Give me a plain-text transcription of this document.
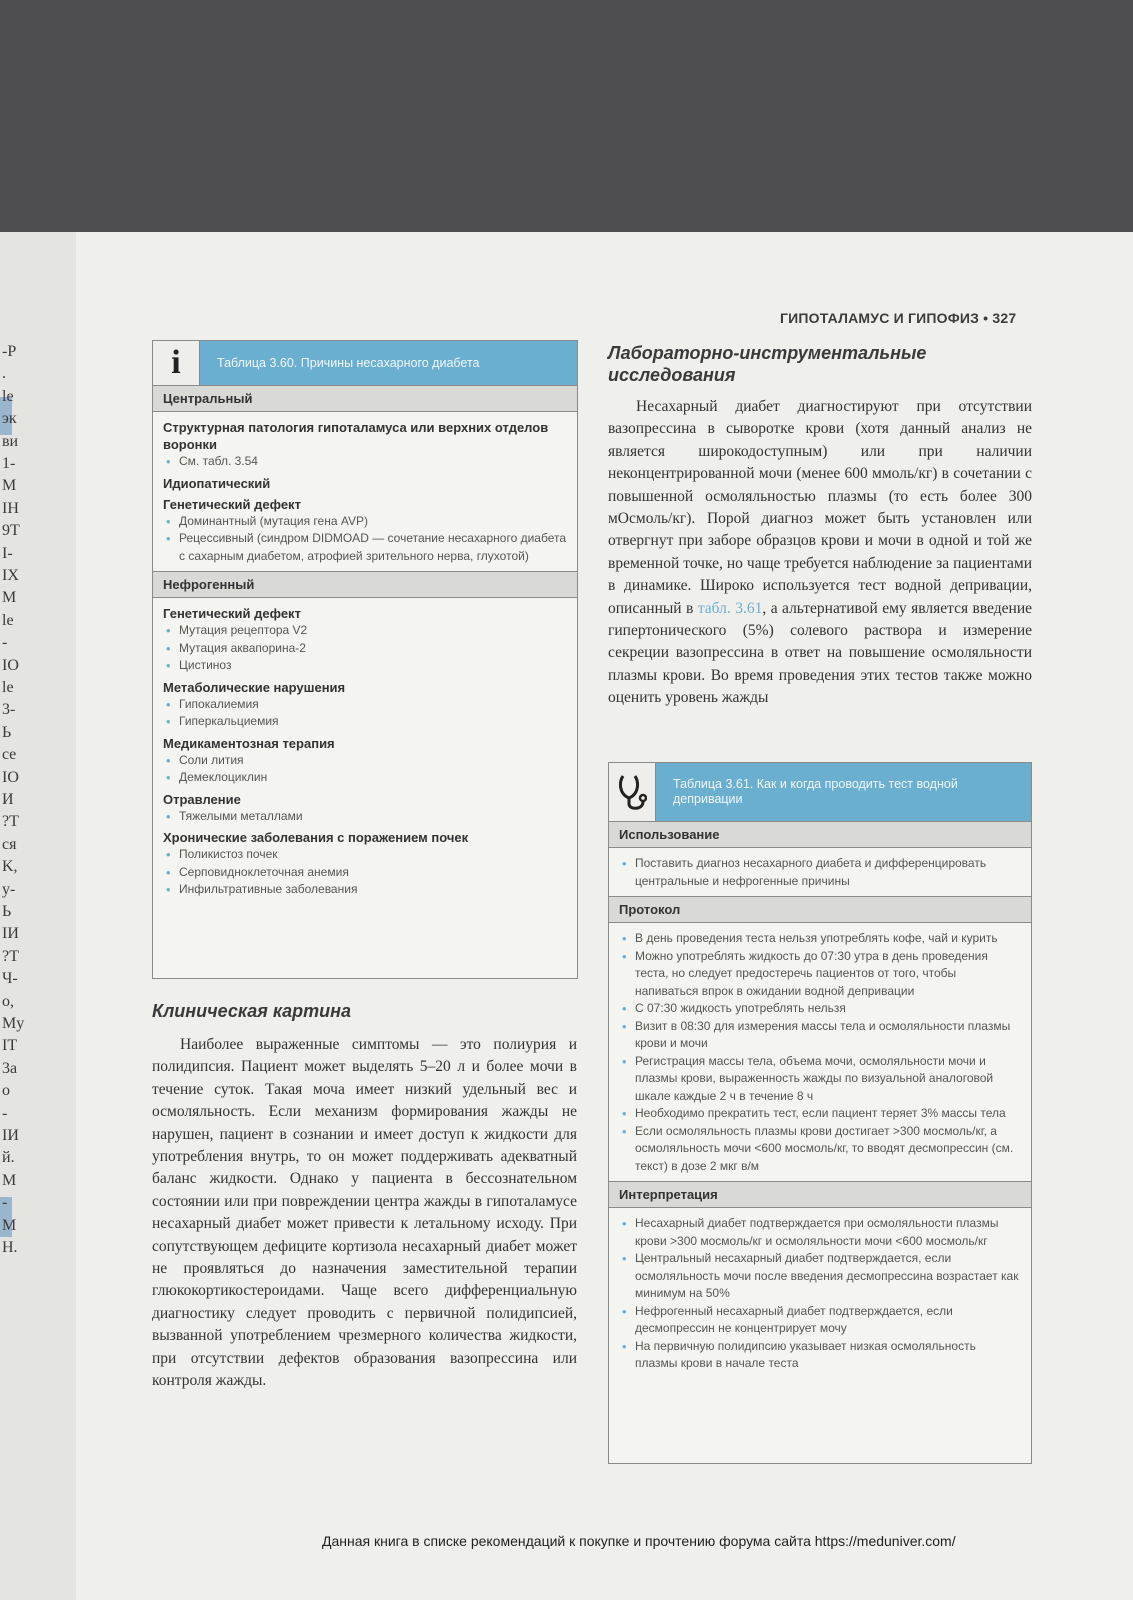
-P
.
le
эк
ви
1-
M
IH
9T
I-
IX
M
le
-
IO
le
3-
Ь
ce
IO
И
?T
ся
K,
y-
Ь
IИ
?T
Ч-
o,
My
IT
3a
o
-
IИ
й.
M
-
M
H.
ГИПОТАЛАМУС И ГИПОФИЗ • 327
i	Таблица 3.60. Причины несахарного диабета
Центральный
Структурная патология гипоталамуса или верхних отделов воронки
• См. табл. 3.54
Идиопатический
Генетический дефект
• Доминантный (мутация гена AVP)
• Рецессивный (синдром DIDMOAD — сочетание несахарного диабета с сахарным диабетом, атрофией зрительного нерва, глухотой)
Нефрогенный
Генетический дефект
• Мутация рецептора V2
• Мутация аквапорина-2
• Цистиноз
Метаболические нарушения
• Гипокалиемия
• Гиперкальциемия
Медикаментозная терапия
• Соли лития
• Демеклоциклин
Отравление
• Тяжелыми металлами
Хронические заболевания с поражением почек
• Поликистоз почек
• Серповидноклеточная анемия
• Инфильтративные заболевания
Клиническая картина

Наиболее выраженные симптомы — это полиурия и полидипсия. Пациент может выделять 5–20 л и более мочи в течение суток. Такая моча имеет низкий удельный вес и осмоляльность. Если механизм формирования жажды не нарушен, пациент в сознании и имеет доступ к жидкости для употребления внутрь, то он может поддерживать адекватный баланс жидкости. Однако у пациента в бессознательном состоянии или при повреждении центра жажды в гипоталамусе несахарный диабет может привести к летальному исходу. При сопутствующем дефиците кортизола несахарный диабет может не проявляться до назначения заместительной терапии глюкокортикостероидами. Чаще всего дифференциальную диагностику следует проводить с первичной полидипсией, вызванной употреблением чрезмерного количества жидкости, при отсутствии дефектов образования вазопрессина или контроля жажды.

Лабораторно-инструментальные исследования

Несахарный диабет диагностируют при отсутствии вазопрессина в сыворотке крови (хотя данный анализ не является широкодоступным) или при наличии неконцентрированной мочи (менее 600 ммоль/кг) в сочетании с повышенной осмоляльностью плазмы (то есть более 300 мОсмоль/кг). Порой диагноз может быть установлен или отвергнут при заборе образцов крови и мочи в одной и той же временной точке, но чаще требуется наблюдение за пациентами в динамике. Широко используется тест водной депривации, описанный в табл. 3.61, а альтернативой ему является введение гипертонического (5%) солевого раствора и измерение секреции вазопрессина в ответ на повышение осмоляльности плазмы крови. Во время проведения этих тестов также можно оценить уровень жажды

Таблица 3.61. Как и когда проводить тест водной депривации
Использование
• Поставить диагноз несахарного диабета и дифференцировать центральные и нефрогенные причины
Протокол
• В день проведения теста нельзя употреблять кофе, чай и курить
• Можно употреблять жидкость до 07:30 утра в день проведения теста, но следует предостеречь пациентов от того, чтобы напиваться впрок в ожидании водной депривации
• С 07:30 жидкость употреблять нельзя
• Визит в 08:30 для измерения массы тела и осмоляльности плазмы крови и мочи
• Регистрация массы тела, объема мочи, осмоляльности мочи и плазмы крови, выраженность жажды по визуальной аналоговой шкале каждые 2 ч в течение 8 ч
• Необходимо прекратить тест, если пациент теряет 3% массы тела
• Если осмоляльность плазмы крови достигает >300 мосмоль/кг, а осмоляльность мочи <600 мосмоль/кг, то вводят десмопрессин (см. текст) в дозе 2 мкг в/м
Интерпретация
• Несахарный диабет подтверждается при осмоляльности плазмы крови >300 мосмоль/кг и осмоляльности мочи <600 мосмоль/кг
• Центральный несахарный диабет подтверждается, если осмоляльность мочи после введения десмопрессина возрастает как минимум на 50%
• Нефрогенный несахарный диабет подтверждается, если десмопрессин не концентрирует мочу
• На первичную полидипсию указывает низкая осмоляльность плазмы крови в начале теста
Данная книга в списке рекомендаций к покупке и прочтению форума сайта https://meduniver.com/
